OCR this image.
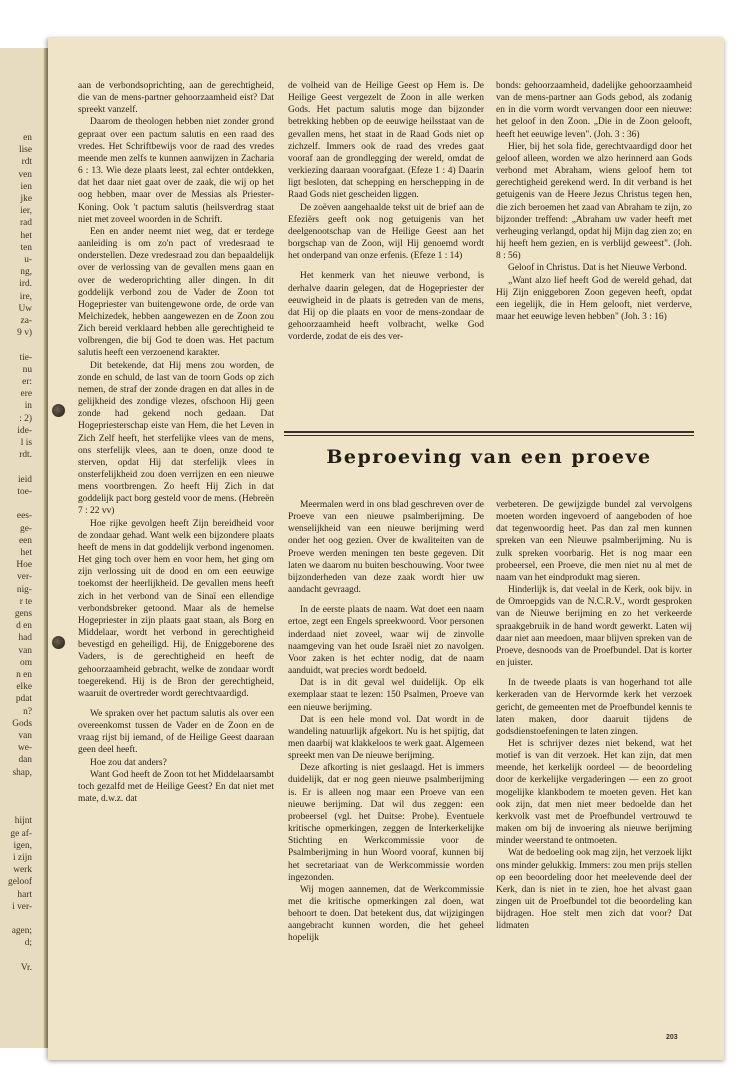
en
lise
rdt
ven
ien
jke
ier,
rad
het
ten
u-
ng,
ird.
ire,
Uw
za-
9 v)

tie-
nu
er:
ere
in
: 2)
ide-
l is
rdt.

ieid
toe-

ees-
ge-
een
het
Hoe
ver-
nig-
r te
gens
d en
had
van
om
n en
elke
pdat
n?
Gods
van
we-
dan
shap,

hijnt
ge af-
igen,
i zijn
werk
geloof
hart
i ver-

agen;
d;

Vr.

aan de verbondsoprichting, aan de gerechtigheid, die van de mens-partner gehoorzaamheid eist? Dat spreekt vanzelf.

Daarom de theologen hebben niet zonder grond gepraat over een pactum salutis en een raad des vredes. Het Schriftbewijs voor de raad des vredes meende men zelfs te kunnen aanwijzen in Zacharia 6 : 13. Wie deze plaats leest, zal echter ontdekken, dat het daar niet gaat over de zaak, die wij op het oog hebben, maar over de Messias als Priester-Koning. Ook 't pactum salutis (heilsverdrag staat niet met zoveel woorden in de Schrift.

Een en ander neemt niet weg, dat er terdege aanleiding is om zo'n pact of vredesraad te onderstellen. Deze vredesraad zou dan bepaaldelijk over de verlossing van de gevallen mens gaan en over de wederoprichting aller dingen. In dit goddelijk verbond zou de Vader de Zoon tot Hogepriester van buitengewone orde, de orde van Melchizedek, hebben aangewezen en de Zoon zou Zich bereid verklaard hebben alle gerechtigheid te volbrengen, die bij God te doen was. Het pactum salutis heeft een verzoenend karakter.

Dit betekende, dat Hij mens zou worden, de zonde en schuld, de last van de toorn Gods op zich nemen, de straf der zonde dragen en dat alles in de gelijkheid des zondige vlezes, ofschoon Hij geen zonde had gekend noch gedaan. Dat Hogepriesterschap eiste van Hem, die het Leven in Zich Zelf heeft, het sterfelijke vlees van de mens, ons sterfelijk vlees, aan te doen, onze dood te sterven, opdat Hij dat sterfelijk vlees in onsterfelijkheid zou doen verrijzen en een nieuwe mens voortbrengen. Zo heeft Hij Zich in dat goddelijk pact borg gesteld voor de mens. (Hebreën 7 : 22 vv)

Hoe rijke gevolgen heeft Zijn bereidheid voor de zondaar gehad. Want welk een bijzondere plaats heeft de mens in dat goddelijk verbond ingenomen. Het ging toch over hem en voor hem, het ging om zijn verlossing uit de dood en om een eeuwige toekomst der heerlijkheid. De gevallen mens heeft zich in het verbond van de Sinaï een ellendige verbondsbreker getoond. Maar als de hemelse Hogepriester in zijn plaats gaat staan, als Borg en Middelaar, wordt het verbond in gerechtigheid bevestigd en geheiligd. Hij, de Eniggeborene des Vaders, is de gerechtigheid en heeft de gehoorzaamheid gebracht, welke de zondaar wordt toegerekend. Hij is de Bron der gerechtigheid, waaruit de overtreder wordt gerechtvaardigd.

We spraken over het pactum salutis als over een overeenkomst tussen de Vader en de Zoon en de vraag rijst bij iemand, of de Heilige Geest daaraan geen deel heeft.

Hoe zou dat anders?

Want God heeft de Zoon tot het Middelaarsambt toch gezalfd met de Heilige Geest? En dat niet met mate, d.w.z. dat

de volheid van de Heilige Geest op Hem is. De Heilige Geest vergezelt de Zoon in alle werken Gods. Het pactum salutis moge dan bijzonder betrekking hebben op de eeuwige heilsstaat van de gevallen mens, het staat in de Raad Gods niet op zichzelf. Immers ook de raad des vredes gaat vooraf aan de grondlegging der wereld, omdat de verkiezing daaraan voorafgaat. (Efeze 1 : 4) Daarin ligt besloten, dat schepping en herschepping in de Raad Gods niet gescheiden liggen.

De zoëven aangehaalde tekst uit de brief aan de Efeziërs geeft ook nog getuigenis van het deelgenootschap van de Heilige Geest aan het borgschap van de Zoon, wijl Hij genoemd wordt het onderpand van onze erfenis. (Efeze 1 : 14)

Het kenmerk van het nieuwe verbond, is derhalve daarin gelegen, dat de Hogepriester der eeuwigheid in de plaats is getreden van de mens, dat Hij op die plaats en voor de mens-zondaar de gehoorzaamheid heeft volbracht, welke God vorderde, zodat de eis des ver-

bonds: gehoorzaamheid, dadelijke gehoorzaamheid van de mens-partner aan Gods gebod, als zodanig en in die vorm wordt vervangen door een nieuwe: het geloof in den Zoon. „Die in de Zoon gelooft, heeft het eeuwige leven". (Joh. 3 : 36)

Hier, bij het sola fide, gerechtvaardigd door het geloof alleen, worden we alzo herinnerd aan Gods verbond met Abraham, wiens geloof hem tot gerechtigheid gerekend werd. In dit verband is het getuigenis van de Heere Jezus Christus tegen hen, die zich beroemen het zaad van Abraham te zijn, zo bijzonder treffend: „Abraham uw vader heeft met verheuging verlangd, opdat hij Mijn dag zien zo; en hij heeft hem gezien, en is verblijd geweest". (Joh. 8 : 56)

Geloof in Christus. Dat is het Nieuwe Verbond.

„Want alzo lief heeft God de wereld gehad, dat Hij Zijn eniggeboren Zoon gegeven heeft, opdat een iegelijk, die in Hem gelooft, niet verderve, maar het eeuwige leven hebben" (Joh. 3 : 16)

Beproeving van een proeve

Meermalen werd in ons blad geschreven over de Proeve van een nieuwe psalmberijming. De wenselijkheid van een nieuwe berijming werd onder het oog gezien. Over de kwaliteiten van de Proeve werden meningen ten beste gegeven. Dit laten we daarom nu buiten beschouwing. Voor twee bijzonderheden van deze zaak wordt hier uw aandacht gevraagd.

In de eerste plaats de naam. Wat doet een naam ertoe, zegt een Engels spreekwoord. Voor personen inderdaad niet zoveel, waar wij de zinvolle naamgeving van het oude Israël niet zo navolgen. Voor zaken is het echter nodig, dat de naam aanduidt, wat precies wordt bedoeld.

Dat is in dit geval wel duidelijk. Op elk exemplaar staat te lezen: 150 Psalmen, Proeve van een nieuwe berijming.

Dat is een hele mond vol. Dat wordt in de wandeling natuurlijk afgekort. Nu is het spijtig, dat men daarbij wat klakkeloos te werk gaat. Algemeen spreekt men van De nieuwe berijming.

Deze afkorting is niet geslaagd. Het is immers duidelijk, dat er nog geen nieuwe psalmberijming is. Er is alleen nog maar een Proeve van een nieuwe berijming. Dat wil dus zeggen: een probeersel (vgl. het Duitse: Probe). Eventuele kritische opmerkingen, zeggen de Interkerkelijke Stichting en Werkcommissie voor de Psalmberijming in hun Woord vooraf, kunnen bij het secretariaat van de Werkcommissie worden ingezonden.

Wij mogen aannemen, dat de Werkcommissie met die kritische opmerkingen zal doen, wat behoort te doen. Dat betekent dus, dat wijzigingen aangebracht kunnen worden, die het geheel hopelijk

verbeteren. De gewijzigde bundel zal vervolgens moeten worden ingevoerd of aangeboden of hoe dat tegenwoordig heet. Pas dan zal men kunnen spreken van een Nieuwe psalmberijming. Nu is zulk spreken voorbarig. Het is nog maar een probeersel, een Proeve, die men niet nu al met de naam van het eindprodukt mag sieren.

Hinderlijk is, dat veelal in de Kerk, ook bijv. in de Omroepgids van de N.C.R.V., wordt gesproken van de Nieuwe berijming en zo het verkeerde spraakgebruik in de hand wordt gewerkt. Laten wij daar niet aan meedoen, maar blijven spreken van de Proeve, desnoods van de Proefbundel. Dat is korter en juister.

In de tweede plaats is van hogerhand tot alle kerkeraden van de Hervormde kerk het verzoek gericht, de gemeenten met de Proefbundel kennis te laten maken, door daaruit tijdens de godsdienstoefeningen te laten zingen.

Het is schrijver dezes niet bekend, wat het motief is van dit verzoek. Het kan zijn, dat men meende, het kerkelijk oordeel — de beoordeling door de kerkelijke vergaderingen — een zo groot mogelijke klankbodem te moeten geven. Het kan ook zijn, dat men niet meer bedoelde dan het kerkvolk vast met de Proefbundel vertrouwd te maken om bij de invoering als nieuwe berijming minder weerstand te ontmoeten.

Wat de bedoeling ook mag zijn, het verzoek lijkt ons minder gelukkig. Immers: zou men prijs stellen op een beoordeling door het meelevende deel der Kerk, dan is niet in te zien, hoe het alvast gaan zingen uit de Proefbundel tot die beoordeling kan bijdragen. Hoe stelt men zich dat voor? Dat lidmaten

203
